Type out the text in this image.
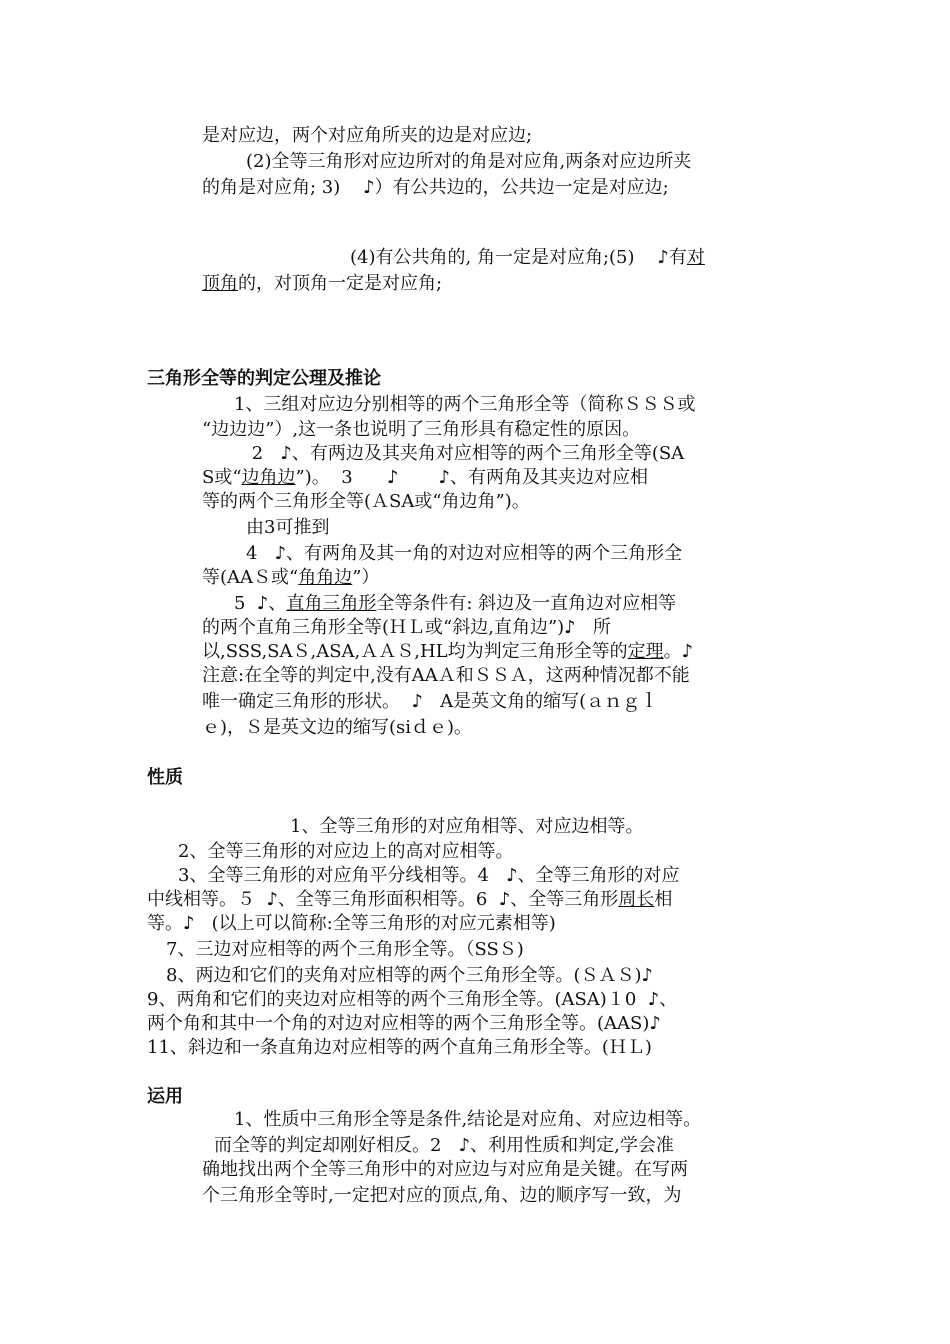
是对应边，两个对应角所夹的边是对应边;
(2)全等三角形对应边所对的角是对应角,两条对应边所夹
的角是对应角; 3)    ♪）有公共边的，公共边一定是对应边;
(4)有公共角的, 角一定是对应角;(5)    ♪有对
顶角的，对顶角一定是对应角;
三角形全等的判定公理及推论
1、三组对应边分别相等的两个三角形全等（简称ＳＳＳ或
“边边边”）,这一条也说明了三角形具有稳定性的原因。
2   ♪、有两边及其夹角对应相等的两个三角形全等(SA
S或“边角边”)。  3      ♪       ♪、有两角及其夹边对应相
等的两个三角形全等(ＡSA或“角边角”)。
由3可推到
4   ♪、有两角及其一角的对边对应相等的两个三角形全
等(AAＳ或“角角边”）
5  ♪、直角三角形全等条件有: 斜边及一直角边对应相等
的两个直角三角形全等(ＨＬ或“斜边,直角边”)♪   所
以,SSS,SAＳ,ASA,ＡＡＳ,HL均为判定三角形全等的定理。♪
注意:在全等的判定中,没有AAＡ和ＳＳＡ，这两种情况都不能
唯一确定三角形的形状。  ♪   A是英文角的缩写(ａｎｇｌ
ｅ)，Ｓ是英文边的缩写(siｄｅ)。
性质
1、全等三角形的对应角相等、对应边相等。
2、全等三角形的对应边上的高对应相等。
3、全等三角形的对应角平分线相等。4   ♪、全等三角形的对应
中线相等。５  ♪、全等三角形面积相等。6  ♪、全等三角形周长相
等。♪   (以上可以简称:全等三角形的对应元素相等)
7、三边对应相等的两个三角形全等。（SSＳ)
8、两边和它们的夹角对应相等的两个三角形全等。(ＳＡＳ)♪
9、两角和它们的夹边对应相等的两个三角形全等。(ASA)１0  ♪、
两个角和其中一个角的对边对应相等的两个三角形全等。(AAS)♪
11、斜边和一条直角边对应相等的两个直角三角形全等。(ＨＬ)
运用
1、性质中三角形全等是条件,结论是对应角、对应边相等。
而全等的判定却刚好相反。2   ♪、利用性质和判定,学会准
确地找出两个全等三角形中的对应边与对应角是关键。在写两
个三角形全等时,一定把对应的顶点,角、边的顺序写一致，为
